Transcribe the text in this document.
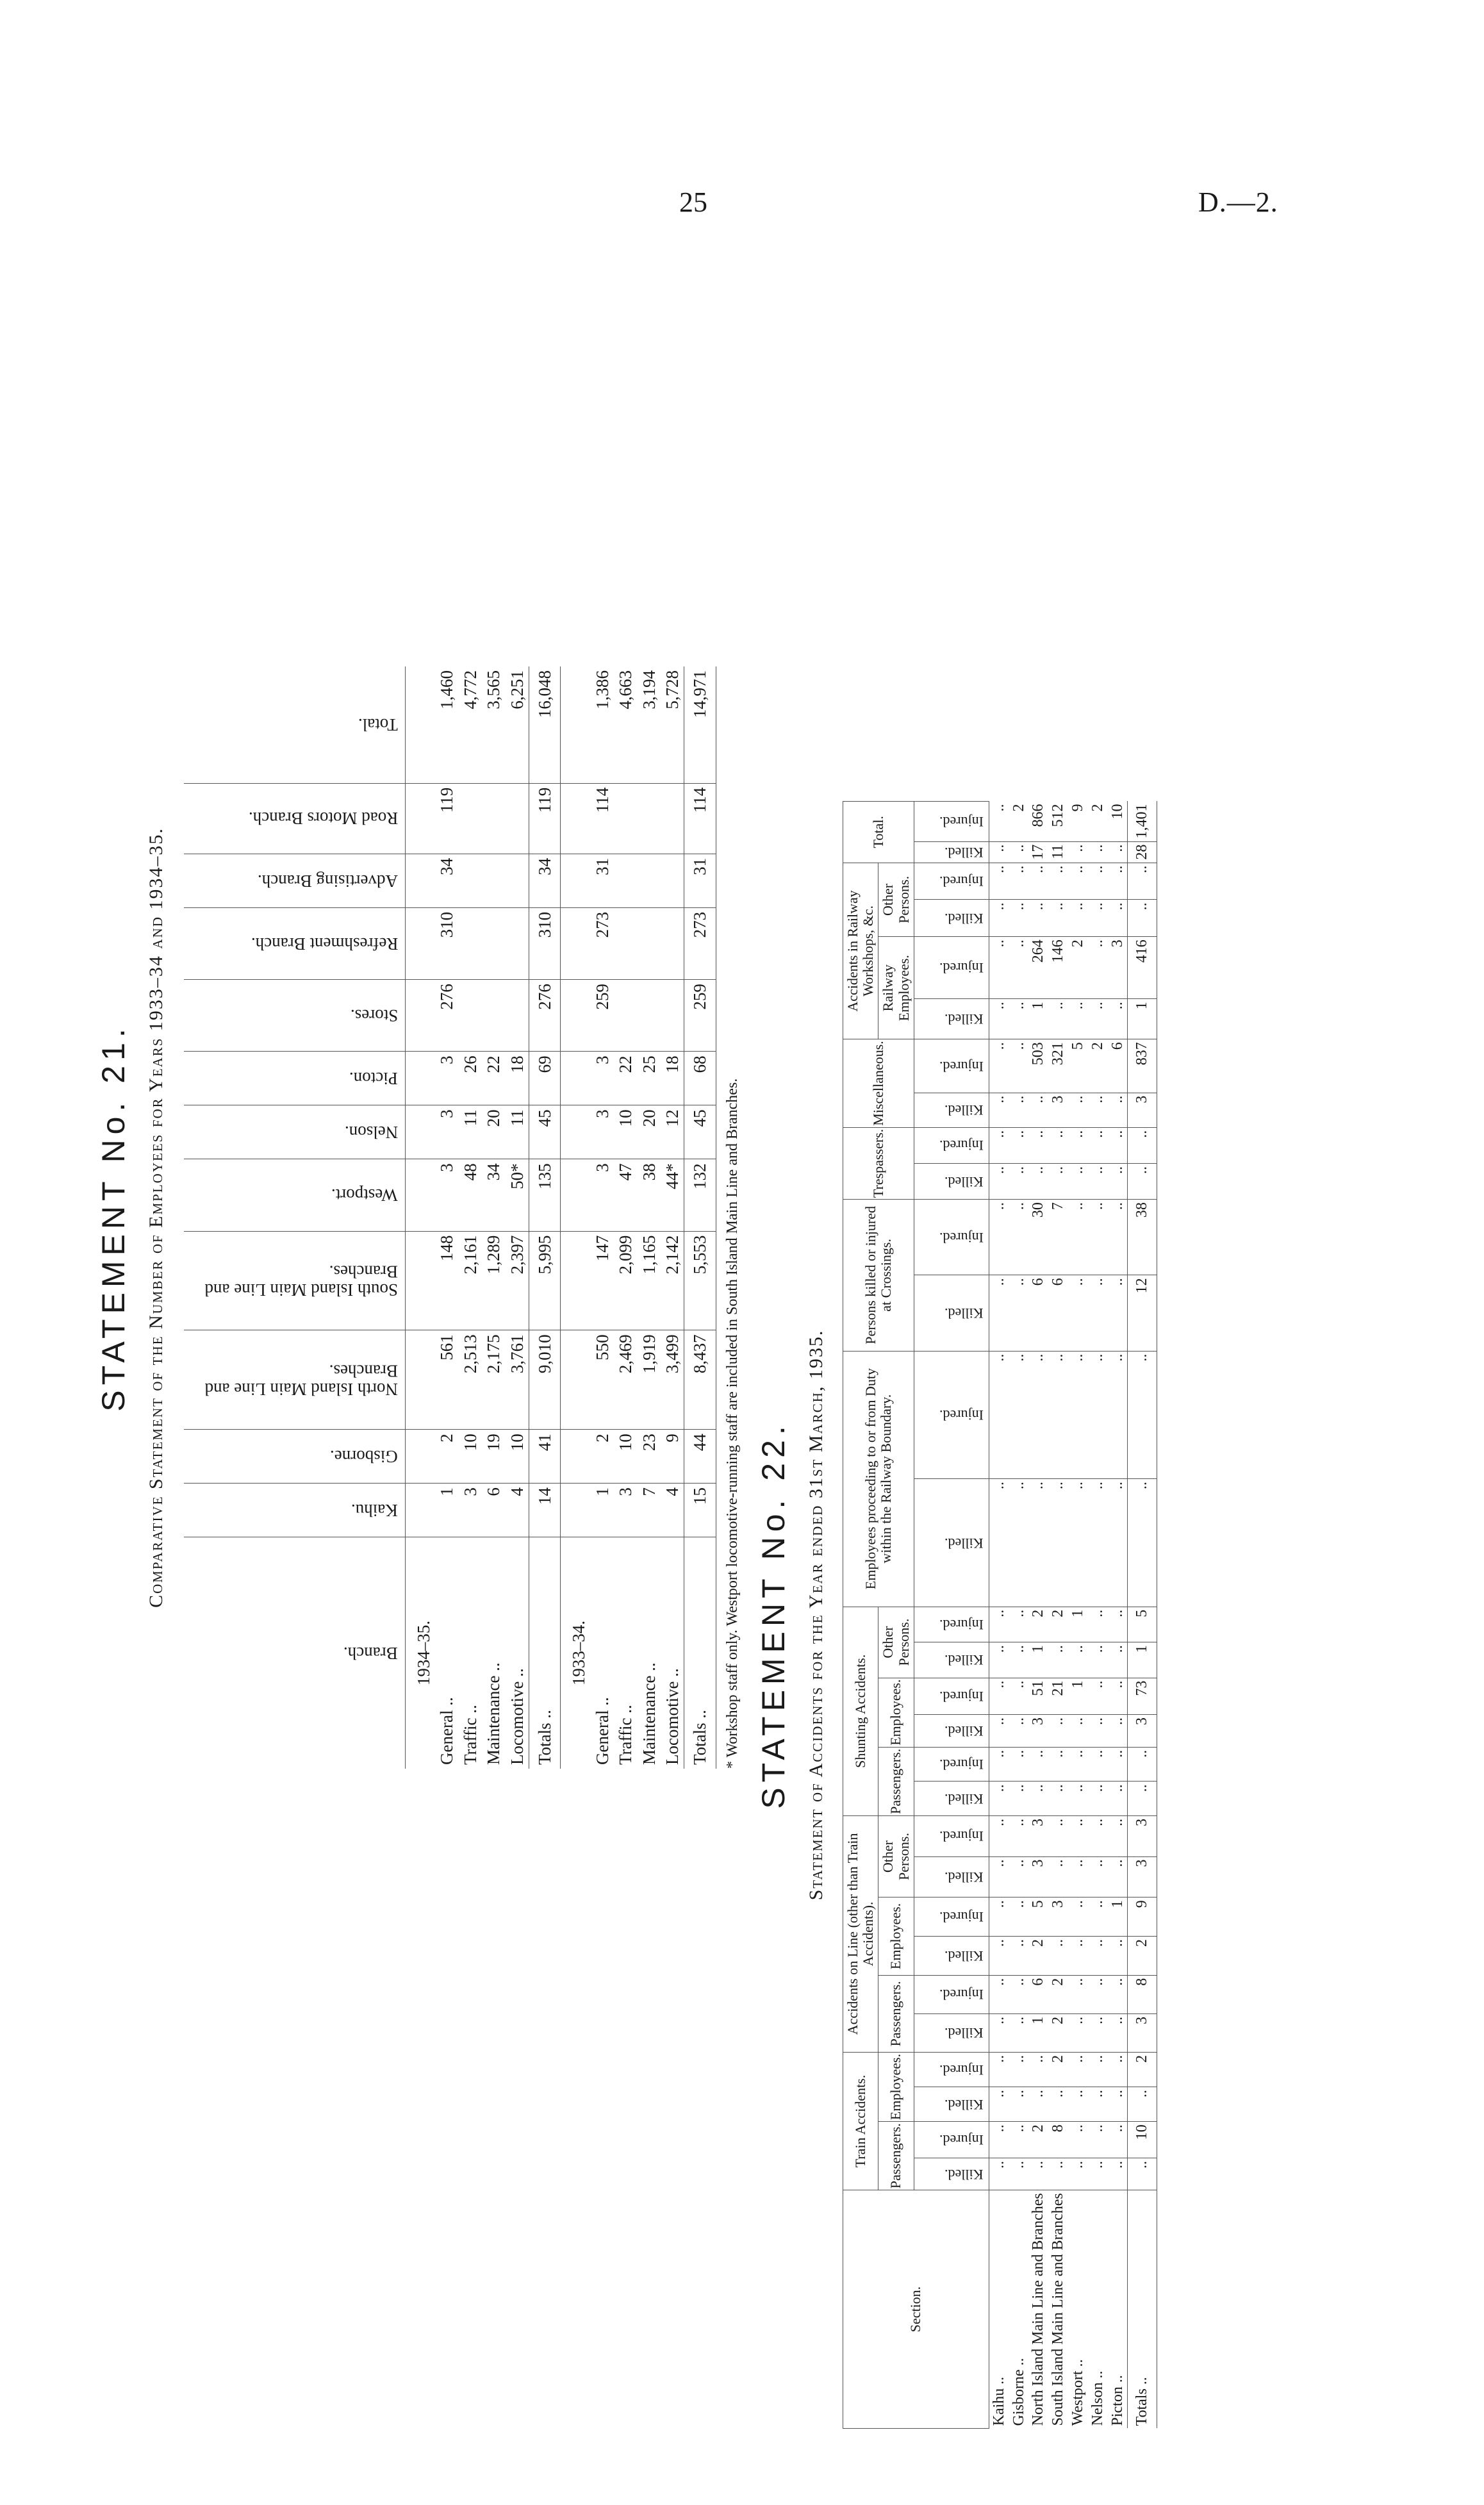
25	D.—2.
STATEMENT No. 21. Comparative Statement of the Number of Employees for Years 1933–34 and 1934–35.
Branch.	Kaihu.	Gisborne.	North Island Main Line and Branches.	South Island Main Line and Branches.	Westport.	Nelson.	Picton.	Stores.	Refreshment Branch.	Advertising Branch.	Road Motors Branch.	Total.
1934–35.												
General ..	1	2	561	148	3	3	3	276	310	34	119	1,460
Traffic ..	3	10	2,513	2,161	48	11	26					4,772
Maintenance ..	6	19	2,175	1,289	34	20	22					3,565
Locomotive ..	4	10	3,761	2,397	50*	11	18					6,251
Totals ..	14	41	9,010	5,995	135	45	69	276	310	34	119	16,048
1933–34.												
General ..	1	2	550	147	3	3	3	259	273	31	114	1,386
Traffic ..	3	10	2,469	2,099	47	10	22					4,663
Maintenance ..	7	23	1,919	1,165	38	20	25					3,194
Locomotive ..	4	9	3,499	2,142	44*	12	18					5,728
Totals ..	15	44	8,437	5,553	132	45	68	259	273	31	114	14,971
* Workshop staff only. Westport locomotive-running staff are included in South Island Main Line and Branches. STATEMENT No. 22. Statement of Accidents for the Year ended 31st March, 1935.
Section.	Train Accidents.				Accidents on Line (other than Train Accidents).						Shunting Accidents.						Employees proceeding to or from Duty within the Railway Boundary.		Persons killed or injured at Crossings.		Trespassers.		Miscellaneous.		Accidents in Railway Workshops, &c.				Total.	
	Passengers.		Employees.		Passengers.		Employees.		Other Persons.		Passengers.		Employees.		Other Persons.										Railway Employees.		Other Persons.			
	Killed.	Injured.	Killed.	Injured.	Killed.	Injured.	Killed.	Injured.	Killed.	Injured.	Killed.	Injured.	Killed.	Injured.	Killed.	Injured.	Killed.	Injured.	Killed.	Injured.	Killed.	Injured.	Killed.	Injured.	Killed.	Injured.	Killed.	Injured.	Killed.	Injured.
Kaihu ..	..	..	..	..	..	..	..	..	..	..	..	..	..	..	..	..	..	..	..	..	..	..	..	..	..	..	..	..	..	..
Gisborne ..	..	..	..	..	..	..	..	..	..	..	..	..	..	..	..	..	..	..	..	..	..	..	..	..	..	..	..	..	..	2
North Island Main Line and Branches	..	2	..	..	1	6	2	5	3	3	..	..	3	51	1	2	..	..	6	30	..	..	..	503	1	264	..	..	17	866
South Island Main Line and Branches	..	8	..	2	2	2	..	3	..	..	..	..	..	21	..	2	..	..	6	7	..	..	3	321	..	146	..	..	11	512
Westport ..	..	..	..	..	..	..	..	..	..	..	..	..	..	1	..	1	..	..	..	..	..	..	..	5	..	2	..	..	..	9
Nelson ..	..	..	..	..	..	..	..	..	..	..	..	..	..	..	..	..	..	..	..	..	..	..	..	2	..	..	..	..	..	2
Picton ..	..	..	..	..	..	..	..	1	..	..	..	..	..	..	..	..	..	..	..	..	..	..	..	6	..	3	..	..	..	10
Totals ..	..	10	..	2	3	8	2	9	3	3	..	..	3	73	1	5	..	..	12	38	..	..	3	837	1	416	..	..	28	1,401
